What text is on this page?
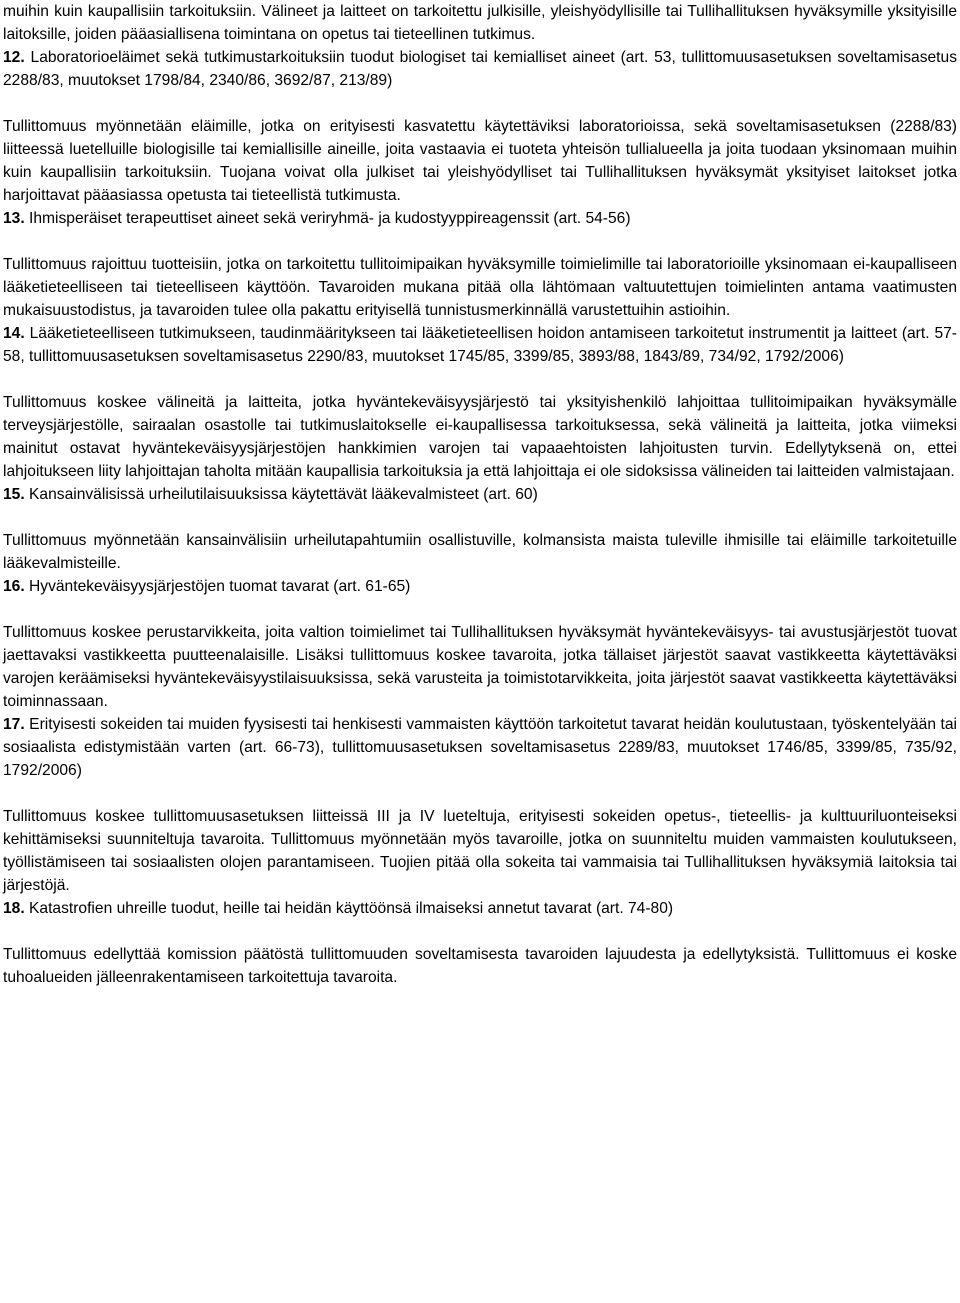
muihin kuin kaupallisiin tarkoituksiin. Välineet ja laitteet on tarkoitettu julkisille, yleishyödyllisille tai Tullihallituksen hyväksymille yksityisille laitoksille, joiden pääasiallisena toimintana on opetus tai tieteellinen tutkimus.

12. Laboratorioeläimet sekä tutkimustarkoituksiin tuodut biologiset tai kemialliset aineet (art. 53, tullittomuusasetuksen soveltamisasetus 2288/83, muutokset 1798/84, 2340/86, 3692/87, 213/89)

Tullittomuus myönnetään eläimille, jotka on erityisesti kasvatettu käytettäviksi laboratorioissa, sekä soveltamisasetuksen (2288/83) liitteessä luetelluille biologisille tai kemiallisille aineille, joita vastaavia ei tuoteta yhteisön tullialueella ja joita tuodaan yksinomaan muihin kuin kaupallisiin tarkoituksiin. Tuojana voivat olla julkiset tai yleishyödylliset tai Tullihallituksen hyväksymät yksityiset laitokset jotka harjoittavat pääasiassa opetusta tai tieteellistä tutkimusta.

13. Ihmisperäiset terapeuttiset aineet sekä veriryhmä- ja kudostyyppireagenssit (art. 54-56)

Tullittomuus rajoittuu tuotteisiin, jotka on tarkoitettu tullitoimipaikan hyväksymille toimielimille tai laboratorioille yksinomaan ei-kaupalliseen lääketieteelliseen tai tieteelliseen käyttöön. Tavaroiden mukana pitää olla lähtömaan valtuutettujen toimielinten antama vaatimusten mukaisuustodistus, ja tavaroiden tulee olla pakattu erityisellä tunnistusmerkinnällä varustettuihin astioihin.

14. Lääketieteelliseen tutkimukseen, taudinmääritykseen tai lääketieteellisen hoidon antamiseen tarkoitetut instrumentit ja laitteet (art. 57-58, tullittomuusasetuksen soveltamisasetus 2290/83, muutokset 1745/85, 3399/85, 3893/88, 1843/89, 734/92, 1792/2006)

Tullittomuus koskee välineitä ja laitteita, jotka hyväntekeväisyysjärjestö tai yksityishenkilö lahjoittaa tullitoimipaikan hyväksymälle terveysjärjestölle, sairaalan osastolle tai tutkimuslaitokselle ei-kaupallisessa tarkoituksessa, sekä välineitä ja laitteita, jotka viimeksi mainitut ostavat hyväntekeväisyysjärjestöjen hankkimien varojen tai vapaaehtoisten lahjoitusten turvin. Edellytyksenä on, ettei lahjoitukseen liity lahjoittajan taholta mitään kaupallisia tarkoituksia ja että lahjoittaja ei ole sidoksissa välineiden tai laitteiden valmistajaan.

15. Kansainvälisissä urheilutilaisuuksissa käytettävät lääkevalmisteet (art. 60)

Tullittomuus myönnetään kansainvälisiin urheilutapahtumiin osallistuville, kolmansista maista tuleville ihmisille tai eläimille tarkoitetuille lääkevalmisteille.

16. Hyväntekeväisyysjärjestöjen tuomat tavarat (art. 61-65)

Tullittomuus koskee perustarvikkeita, joita valtion toimielimet tai Tullihallituksen hyväksymät hyväntekeväisyys- tai avustusjärjestöt tuovat jaettavaksi vastikkeetta puutteenalaisille. Lisäksi tullittomuus koskee tavaroita, jotka tällaiset järjestöt saavat vastikkeetta käytettäväksi varojen keräämiseksi hyväntekeväisyystilaisuuksissa, sekä varusteita ja toimistotarvikkeita, joita järjestöt saavat vastikkeetta käytettäväksi toiminnassaan.

17. Erityisesti sokeiden tai muiden fyysisesti tai henkisesti vammaisten käyttöön tarkoitetut tavarat heidän koulutustaan, työskentelyään tai sosiaalista edistymistään varten (art. 66-73), tullittomuusasetuksen soveltamisasetus 2289/83, muutokset 1746/85, 3399/85, 735/92, 1792/2006)

Tullittomuus koskee tullittomuusasetuksen liitteissä III ja IV lueteltuja, erityisesti sokeiden opetus-, tieteellis- ja kulttuuriluonteiseksi kehittämiseksi suunniteltuja tavaroita. Tullittomuus myönnetään myös tavaroille, jotka on suunniteltu muiden vammaisten koulutukseen, työllistämiseen tai sosiaalisten olojen parantamiseen. Tuojien pitää olla sokeita tai vammaisia tai Tullihallituksen hyväksymiä laitoksia tai järjestöjä.

18. Katastrofien uhreille tuodut, heille tai heidän käyttöönsä ilmaiseksi annetut tavarat (art. 74-80)

Tullittomuus edellyttää komission päätöstä tullittomuuden soveltamisesta tavaroiden lajuudesta ja edellytyksistä. Tullittomuus ei koske tuhoalueiden jälleenrakentamiseen tarkoitettuja tavaroita.
